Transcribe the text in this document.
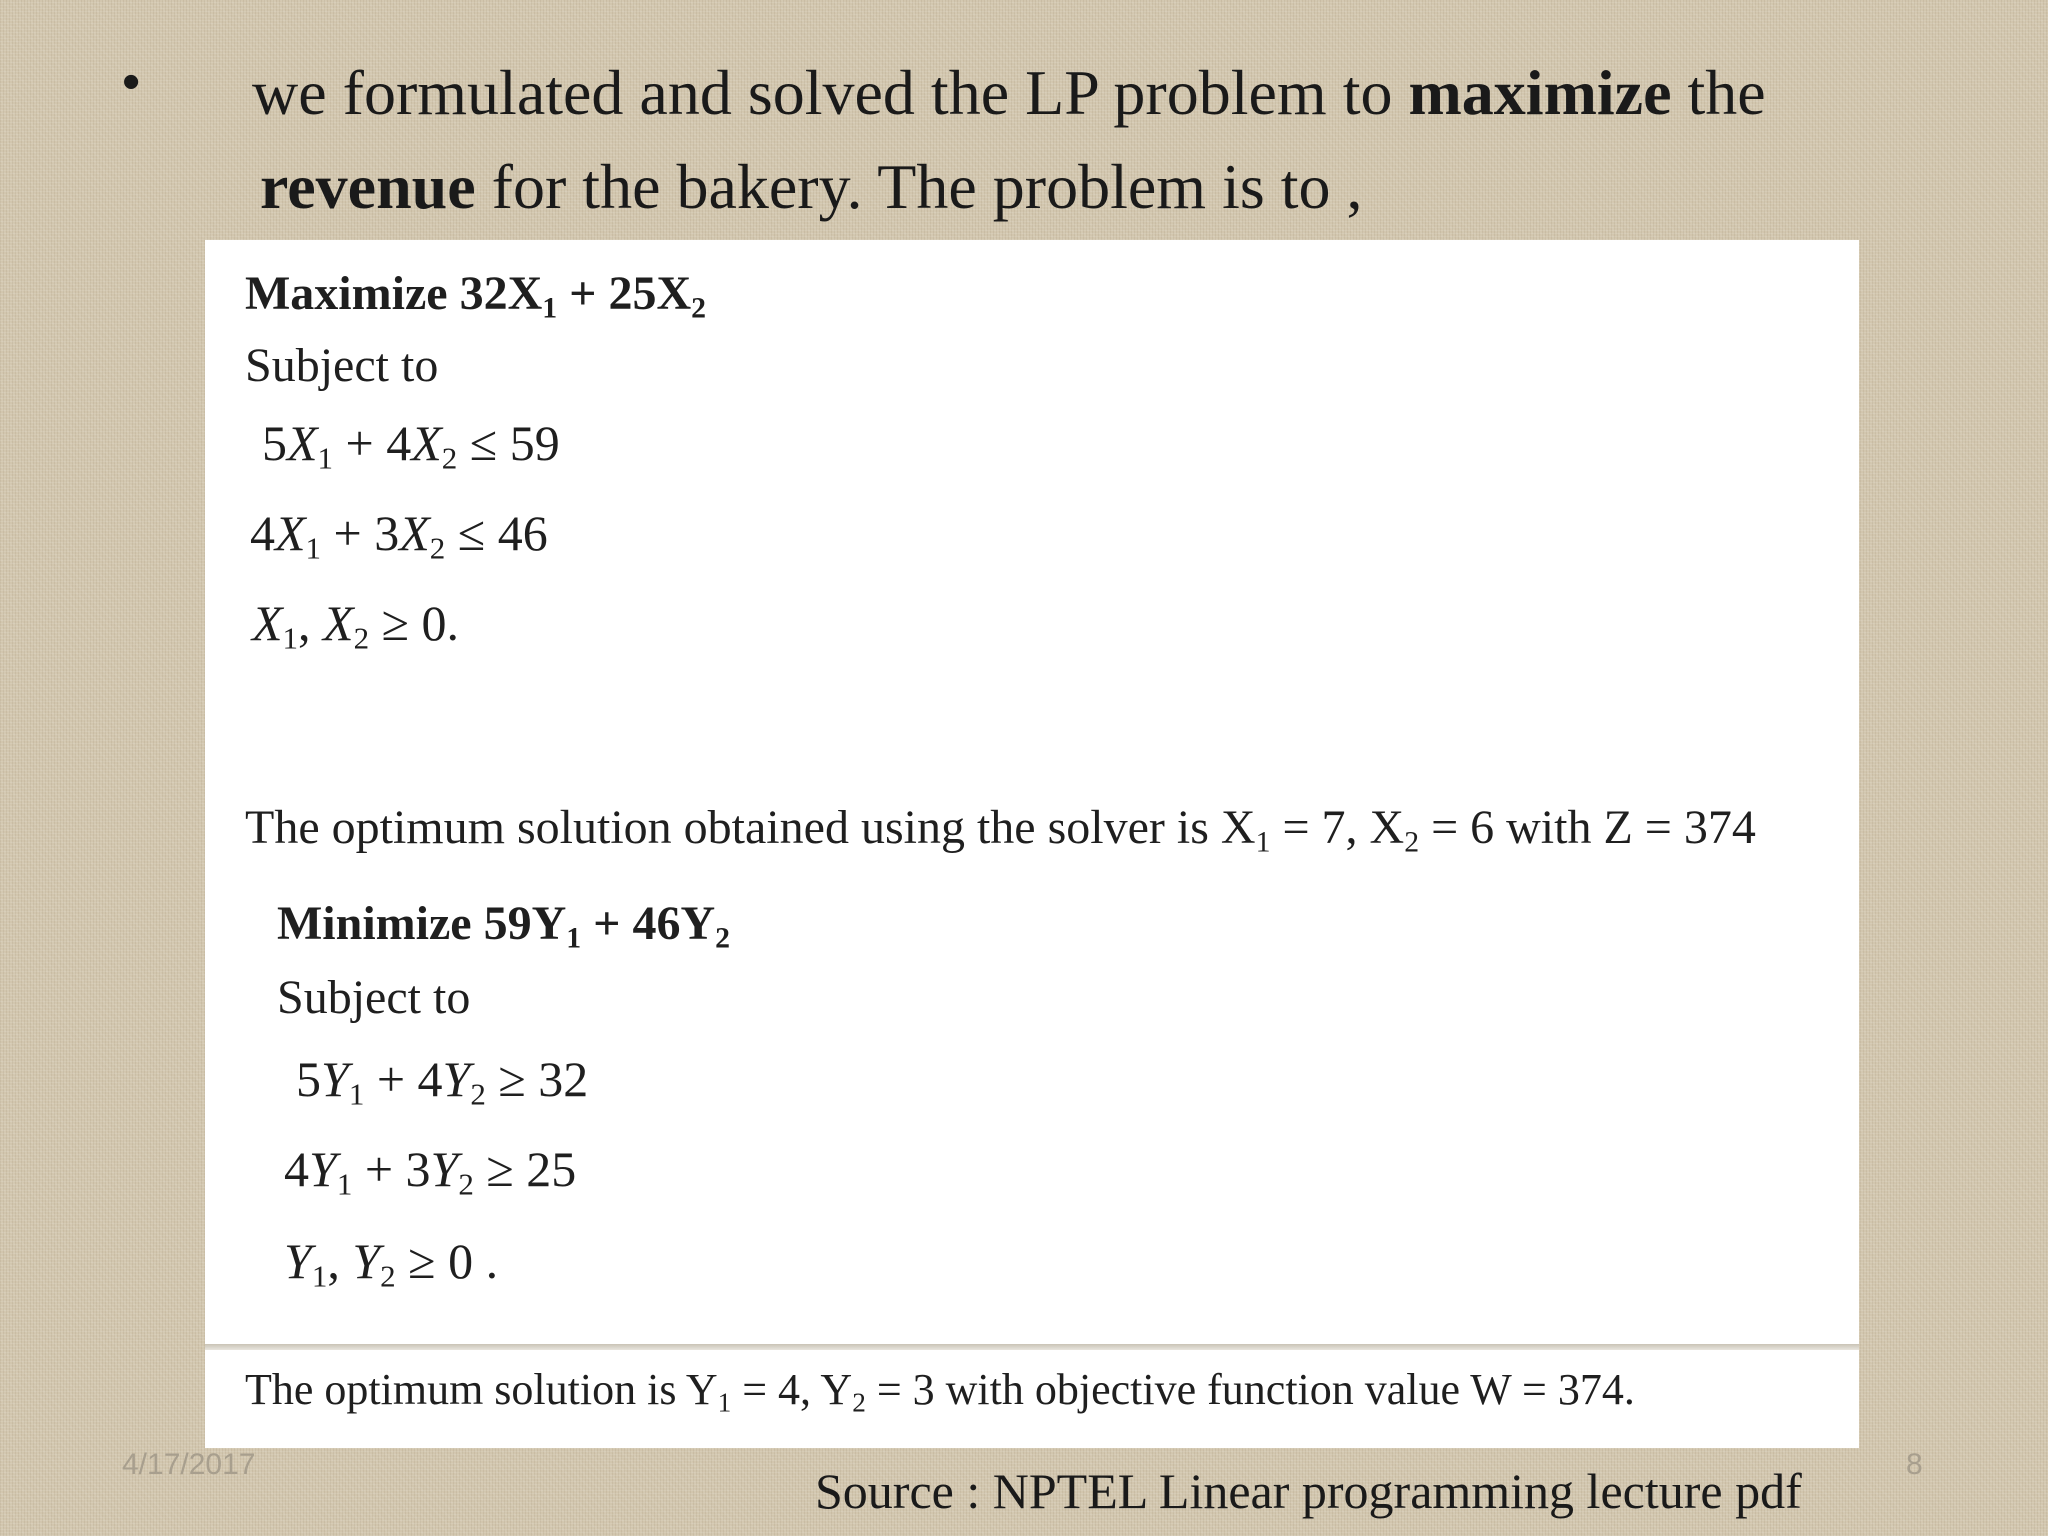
• we formulated and solved the LP problem to maximize the
revenue for the bakery. The problem is to ,

Maximize $32X_1 + 25X_2$
Subject to
$5X_1 + 4X_2 \le 59$
$4X_1 + 3X_2 \le 46$
$X_1$, $X_2 \ge 0$.
The optimum solution obtained using the solver is $X_1 = 7$, $X_2 = 6$ with Z = 374
Minimize $59Y_1 + 46Y_2$
Subject to
$5Y_1 + 4Y_2 \ge 32$
$4Y_1 + 3Y_2 \ge 25$
$Y_1$, $Y_2 \ge 0$ .
The optimum solution is $Y_1 = 4$, $Y_2 = 3$ with objective function value W = 374.
4/17/2017	8
Source : NPTEL Linear programming lecture pdf
